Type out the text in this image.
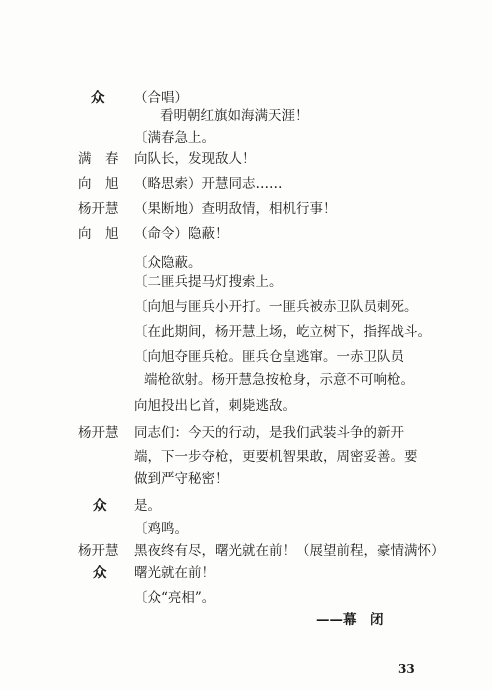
众 （合唱）
看明朝红旗如海满天涯！
〔满春急上。
满　春 向队长，发现敌人！
向　旭 （略思索）开慧同志……
杨开慧 （果断地）查明敌情，相机行事！
向　旭 （命令）隐蔽！
〔众隐蔽。
〔二匪兵提马灯搜索上。
〔向旭与匪兵小开打。一匪兵被赤卫队员刺死。
〔在此期间，杨开慧上场，屹立树下，指挥战斗。
〔向旭夺匪兵枪。匪兵仓皇逃窜。一赤卫队员
端枪欲射。杨开慧急按枪身，示意不可响枪。
向旭投出匕首，刺毙逃敌。
杨开慧 同志们：今天的行动，是我们武装斗争的新开
端，下一步夺枪，更要机智果敢，周密妥善。要
做到严守秘密！
众 是。
〔鸡鸣。
杨开慧 黑夜终有尽，曙光就在前！（展望前程，豪情满怀）
众 曙光就在前！
〔众“亮相”。
——幕　闭
33
